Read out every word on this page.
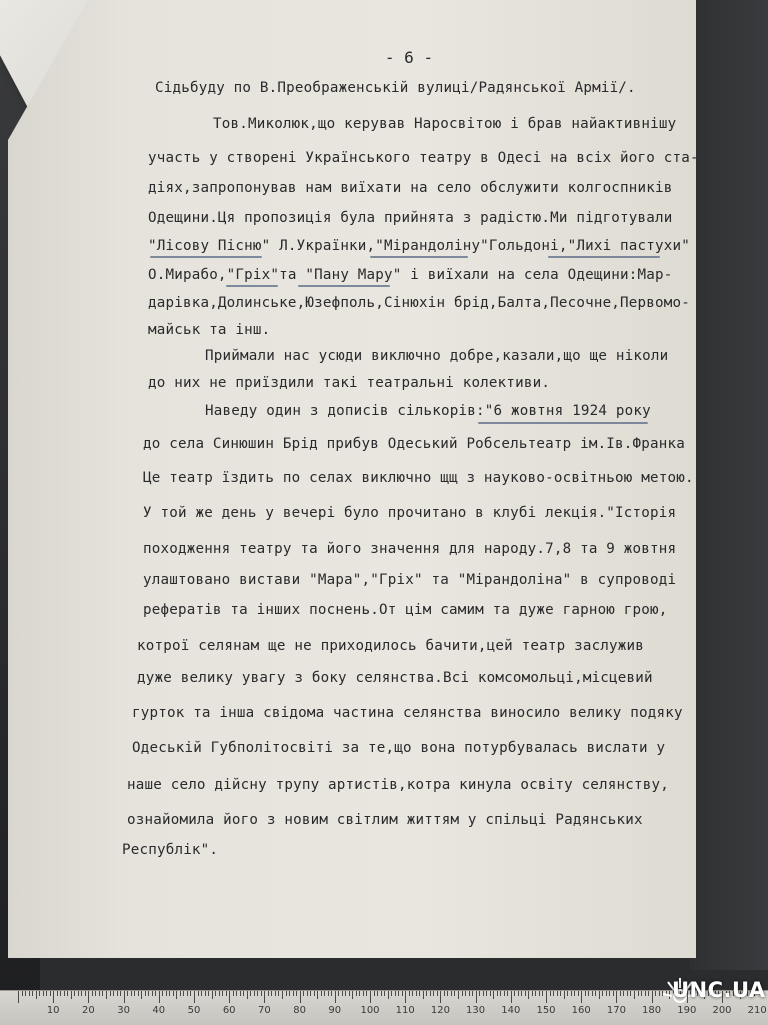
- 6 -
Сідьбуду по В.Преображенській вулиці/Радянської Армії/.
Тов.Миколюк,що керував Наросвітою і брав найактивнішу
участь у створені Українського театру в Одесі на всіх його ста-
діях,запропонував нам виїхати на село обслужити колгоспників
Одещини.Ця пропозиція була прийнята з радістю.Ми підготували
"Лісову Пісню" Л.Українки,"Мірандоліну"Гольдоні,"Лихі пастухи"
О.Мирабо,"Гріх"та "Пану Мару" і виїхали на села Одещини:Мар-
дарівка,Долинське,Юзефполь,Сінюхін брід,Балта,Песочне,Первомо-
майськ та інш.
Приймали нас усюди виключно добре,казали,що ще ніколи
до них не приїздили такі театральні колективи.
Наведу один з дописів сількорів:"6 жовтня 1924 року
до села Синюшин Брід прибув Одеський Робсельтеатр ім.Ів.Франка
Це театр їздить по селах виключно щщ з науково-освітньою метою.
У той же день у вечері було прочитано в клубі лекція."Історія
походження театру та його значення для народу.7,8 та 9 жовтня
улаштовано вистави "Мара","Гріх" та "Мірандоліна" в супроводі
рефератів та інших поснень.От цім самим та дуже гарною грою,
котрої селянам ще не приходилось бачити,цей театр заслужив
дуже велику увагу з боку селянства.Всі комсомольці,місцевий
гурток та інша свідома частина селянства виносило велику подяку
Одеській Губполітосвіті за те,що вона потурбувалась вислати у
наше село дійсну трупу артистів,котра кинула освіту селянству,
ознайомила його з новим світлим життям у спільці Радянських
Республік".
10 20 30 40 50 60 70 80 90 100 110 120 130 140 150 160 170 180 190 200 210
UNC.UA
